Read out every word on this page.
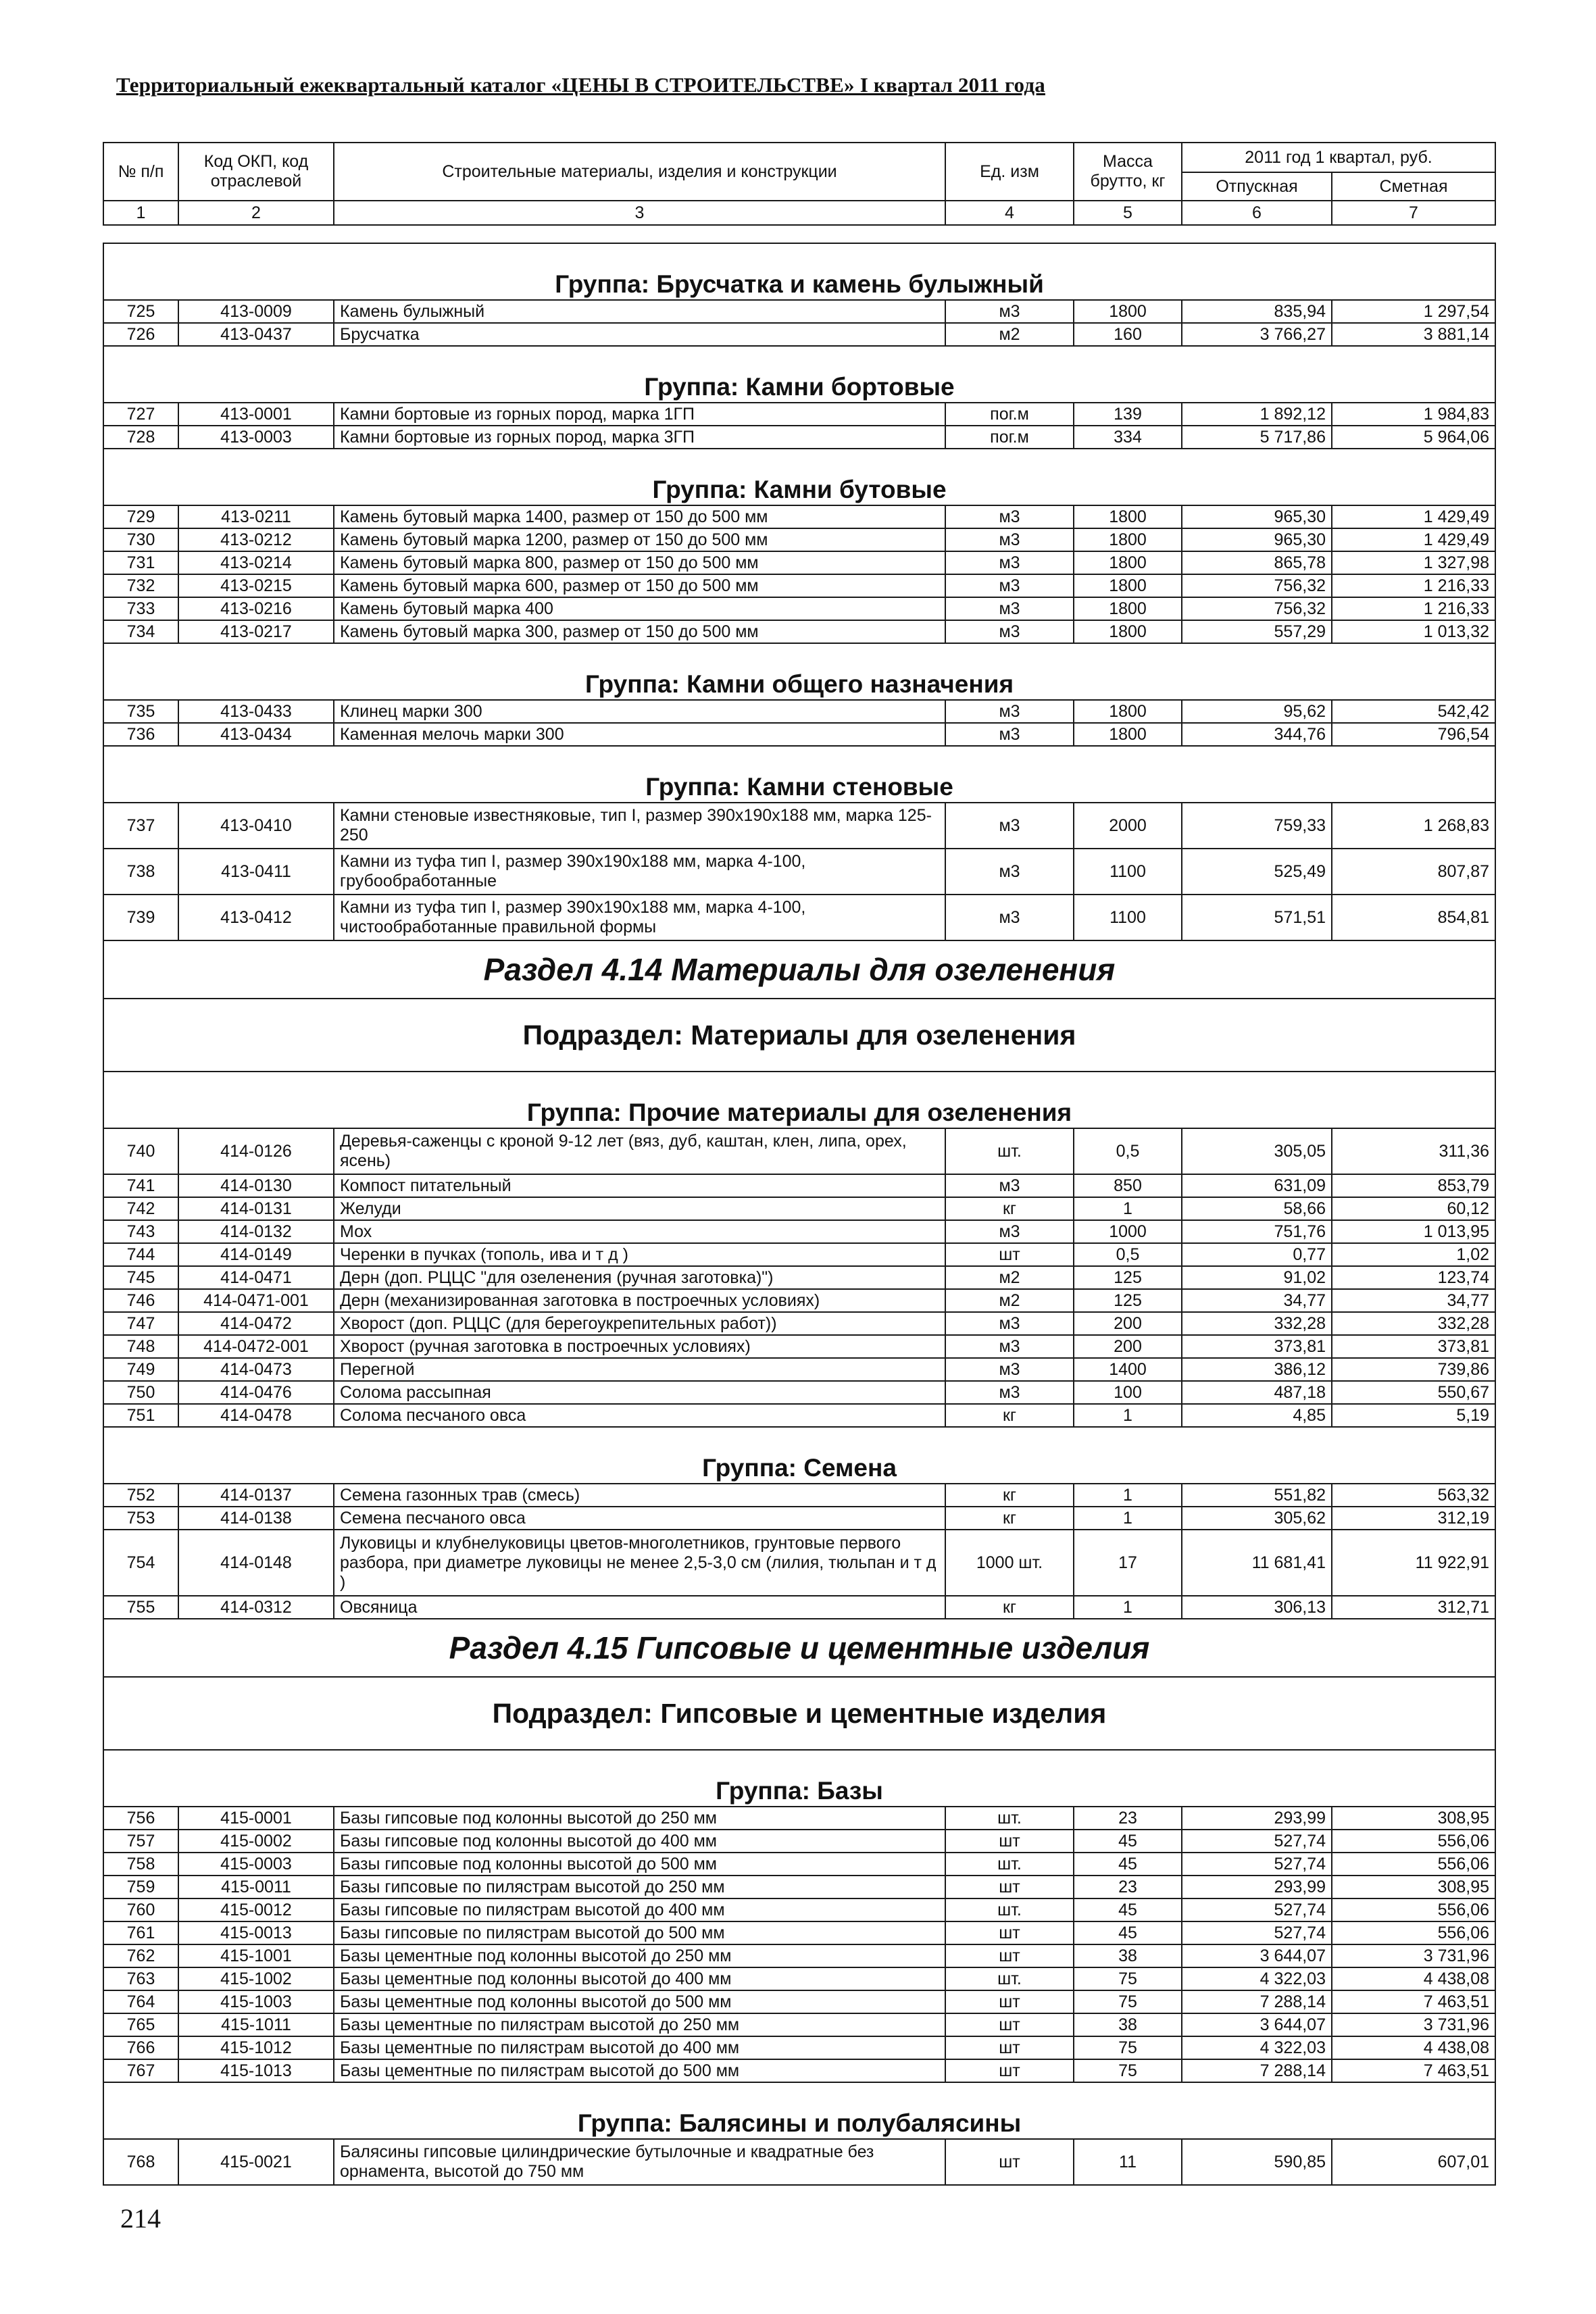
Территориальный ежеквартальный каталог «ЦЕНЫ В СТРОИТЕЛЬСТВЕ» I квартал 2011 года
№ п/п	Код ОКП, код отраслевой	Строительные материалы, изделия и конструкции	Ед. изм	Масса брутто, кг	2011 год 1 квартал, руб.	
					Отпускная	Сметная
1	2	3	4	5	6	7
Группа: Брусчатка и камень булыжный						
725	413-0009	Камень булыжный	м3	1800	835,94	1 297,54
726	413-0437	Брусчатка	м2	160	3 766,27	3 881,14
Группа: Камни бортовые						
727	413-0001	Камни бортовые из горных пород, марка 1ГП	пог.м	139	1 892,12	1 984,83
728	413-0003	Камни бортовые из горных пород, марка 3ГП	пог.м	334	5 717,86	5 964,06
Группа: Камни бутовые						
729	413-0211	Камень бутовый марка 1400, размер от 150 до 500 мм	м3	1800	965,30	1 429,49
730	413-0212	Камень бутовый марка 1200, размер от 150 до 500 мм	м3	1800	965,30	1 429,49
731	413-0214	Камень бутовый марка 800, размер от 150 до 500 мм	м3	1800	865,78	1 327,98
732	413-0215	Камень бутовый марка 600, размер от 150 до 500 мм	м3	1800	756,32	1 216,33
733	413-0216	Камень бутовый марка 400	м3	1800	756,32	1 216,33
734	413-0217	Камень бутовый марка 300, размер от 150 до 500 мм	м3	1800	557,29	1 013,32
Группа: Камни общего назначения						
735	413-0433	Клинец марки 300	м3	1800	95,62	542,42
736	413-0434	Каменная мелочь марки 300	м3	1800	344,76	796,54
Группа: Камни стеновые						
737	413-0410	Камни стеновые известняковые, тип I, размер 390x190x188 мм, марка 125-250	м3	2000	759,33	1 268,83
738	413-0411	Камни из туфа тип I, размер 390x190x188 мм, марка 4-100, грубообработанные	м3	1100	525,49	807,87
739	413-0412	Камни из туфа тип I, размер 390x190x188 мм, марка 4-100, чистообработанные правильной формы	м3	1100	571,51	854,81
Раздел 4.14 Материалы для озеленения						
Подраздел: Материалы для озеленения						
Группа: Прочие материалы для озеленения						
740	414-0126	Деревья-саженцы с кроной 9-12 лет (вяз, дуб, каштан, клен, липа, орех, ясень)	шт.	0,5	305,05	311,36
741	414-0130	Компост питательный	м3	850	631,09	853,79
742	414-0131	Желуди	кг	1	58,66	60,12
743	414-0132	Мох	м3	1000	751,76	1 013,95
744	414-0149	Черенки в пучках (тополь, ива и т д )	шт	0,5	0,77	1,02
745	414-0471	Дерн (доп. РЦЦС "для озеленения (ручная заготовка)")	м2	125	91,02	123,74
746	414-0471-001	Дерн (механизированная заготовка в построечных условиях)	м2	125	34,77	34,77
747	414-0472	Хворост (доп. РЦЦС (для берегоукрепительных работ))	м3	200	332,28	332,28
748	414-0472-001	Хворост (ручная заготовка в построечных условиях)	м3	200	373,81	373,81
749	414-0473	Перегной	м3	1400	386,12	739,86
750	414-0476	Солома рассыпная	м3	100	487,18	550,67
751	414-0478	Солома песчаного овса	кг	1	4,85	5,19
Группа: Семена						
752	414-0137	Семена газонных трав (смесь)	кг	1	551,82	563,32
753	414-0138	Семена песчаного овса	кг	1	305,62	312,19
754	414-0148	Луковицы и клубнелуковицы цветов-многолетников, грунтовые первого разбора, при диаметре луковицы не менее 2,5-3,0 см (лилия, тюльпан и т д )	1000 шт.	17	11 681,41	11 922,91
755	414-0312	Овсяница	кг	1	306,13	312,71
Раздел 4.15 Гипсовые и цементные изделия						
Подраздел: Гипсовые и цементные изделия						
Группа: Базы						
756	415-0001	Базы гипсовые под колонны высотой до 250 мм	шт.	23	293,99	308,95
757	415-0002	Базы гипсовые под колонны высотой до 400 мм	шт	45	527,74	556,06
758	415-0003	Базы гипсовые под колонны высотой до 500 мм	шт.	45	527,74	556,06
759	415-0011	Базы гипсовые по пилястрам высотой до 250 мм	шт	23	293,99	308,95
760	415-0012	Базы гипсовые по пилястрам высотой до 400 мм	шт.	45	527,74	556,06
761	415-0013	Базы гипсовые по пилястрам высотой до 500 мм	шт	45	527,74	556,06
762	415-1001	Базы цементные под колонны высотой до 250 мм	шт	38	3 644,07	3 731,96
763	415-1002	Базы цементные под колонны высотой до 400 мм	шт.	75	4 322,03	4 438,08
764	415-1003	Базы цементные под колонны высотой до 500 мм	шт	75	7 288,14	7 463,51
765	415-1011	Базы цементные по пилястрам высотой до 250 мм	шт	38	3 644,07	3 731,96
766	415-1012	Базы цементные по пилястрам высотой до 400 мм	шт	75	4 322,03	4 438,08
767	415-1013	Базы цементные по пилястрам высотой до 500 мм	шт	75	7 288,14	7 463,51
Группа: Балясины и полубалясины						
768	415-0021	Балясины гипсовые цилиндрические бутылочные и квадратные без орнамента, высотой до 750 мм	шт	11	590,85	607,01
214
